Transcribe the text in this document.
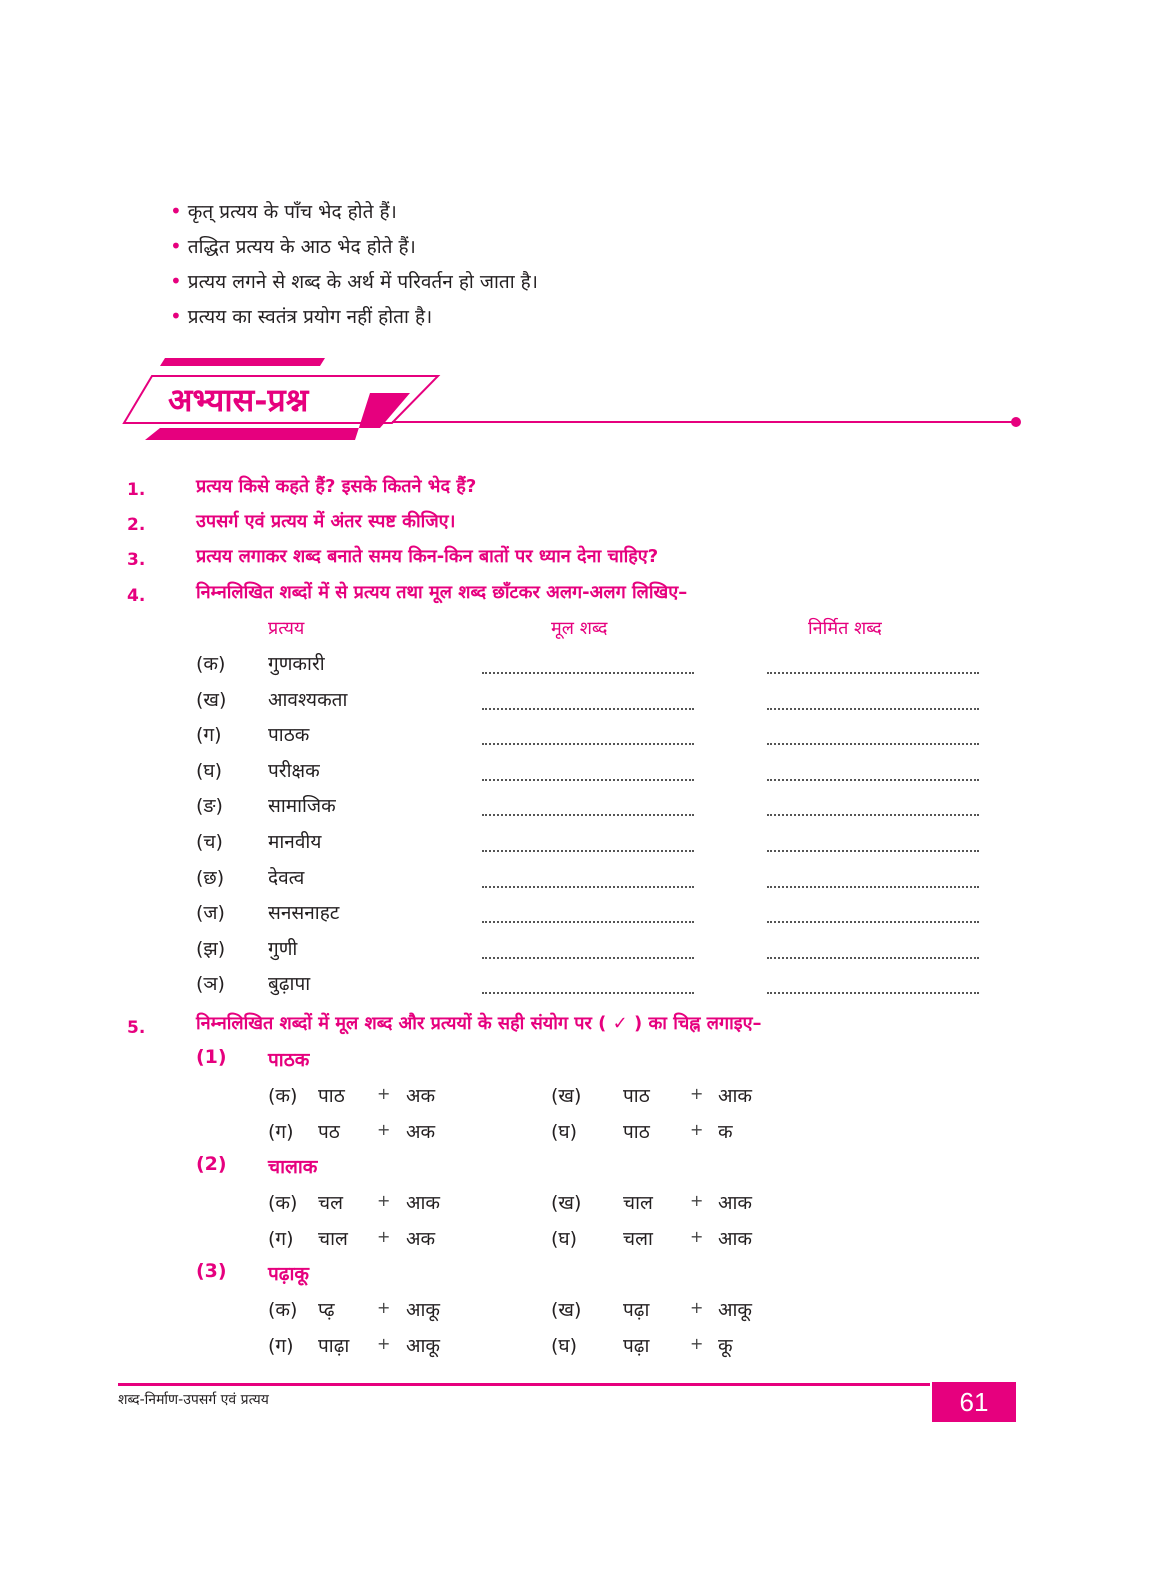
• कृत् प्रत्यय के पाँच भेद होते हैं।
• तद्धित प्रत्यय के आठ भेद होते हैं।
• प्रत्यय लगने से शब्द के अर्थ में परिवर्तन हो जाता है।
• प्रत्यय का स्वतंत्र प्रयोग नहीं होता है।
अभ्यास-प्रश्न
1.	प्रत्यय किसे कहते हैं? इसके कितने भेद हैं?
2.	उपसर्ग एवं प्रत्यय में अंतर स्पष्ट कीजिए।
3.	प्रत्यय लगाकर शब्द बनाते समय किन-किन बातों पर ध्यान देना चाहिए?
4.	निम्नलिखित शब्दों में से प्रत्यय तथा मूल शब्द छाँटकर अलग-अलग लिखिए–
प्रत्यय	मूल शब्द	निर्मित शब्द
(क) गुणकारी
(ख) आवश्यकता
(ग) पाठक
(घ) परीक्षक
(ङ) सामाजिक
(च) मानवीय
(छ) देवत्व
(ज) सनसनाहट
(झ) गुणी
(ञ) बुढ़ापा
5.	निम्नलिखित शब्दों में मूल शब्द और प्रत्ययों के सही संयोग पर ( ✓ ) का चिह्न लगाइए–
(1) पाठक
(क) पाठ + अक	(ख) पाठ	+ आक
(ग) पठ + अक	(घ) पाठ	+ क
(2) चालाक
(क) चल + आक	(ख) चाल + आक
(ग) चाल + अक	(घ) चला + आक
(3) पढ़ाकू
(क) प्ढ़	+ आकू	(ख) पढ़ा	+ आकू
(ग) पाढ़ा + आकू	(घ) पढ़ा	+ कू
शब्द-निर्माण-उपसर्ग एवं प्रत्यय	61
